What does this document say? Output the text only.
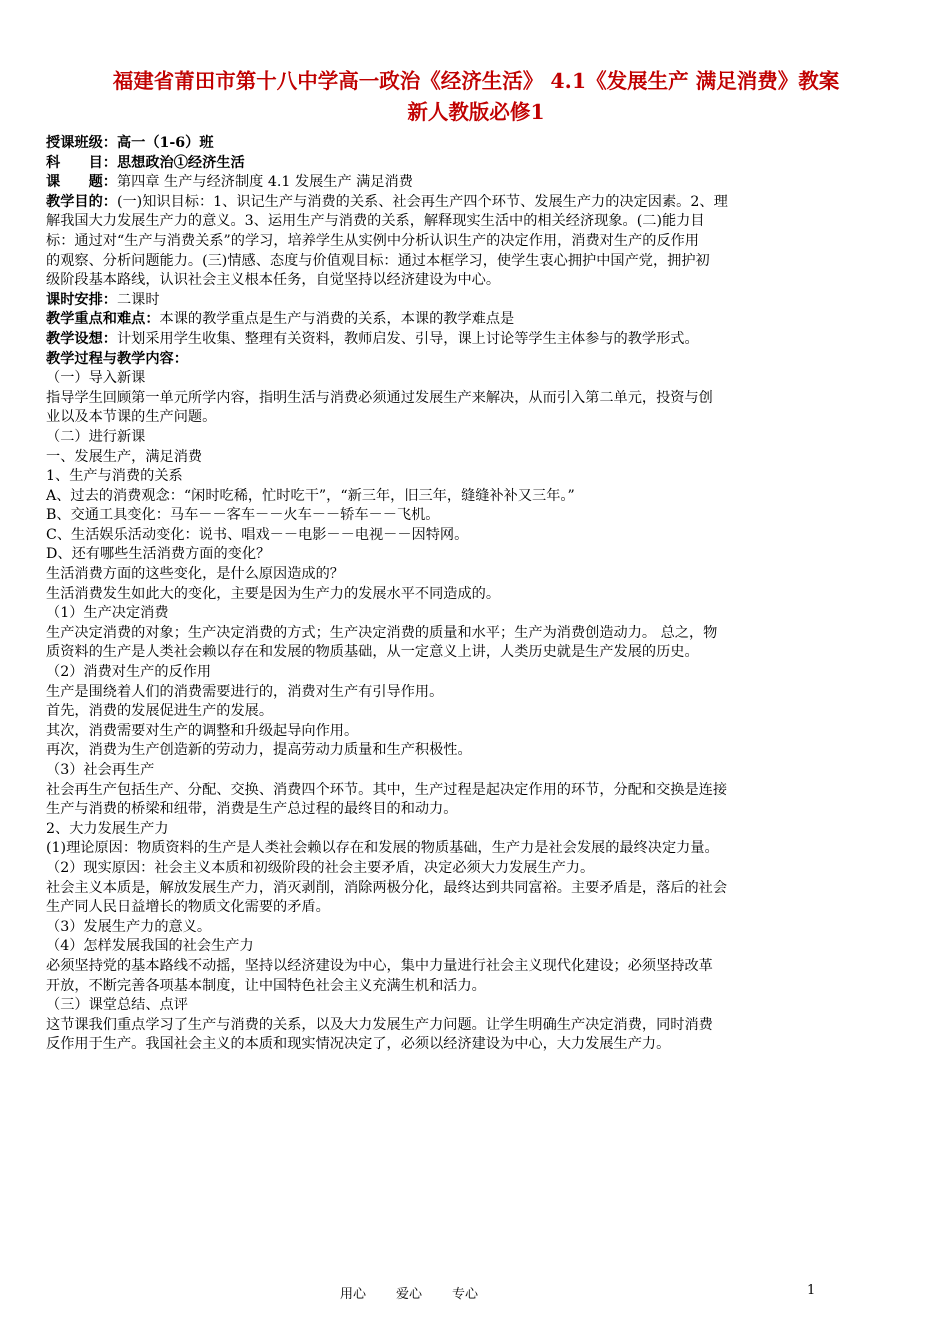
福建省莆田市第十八中学高一政治《经济生活》 4.1《发展生产 满足消费》教案
新人教版必修1
授课班级：高一（1-6）班
科　　目：思想政治①经济生活
课　　题：第四章 生产与经济制度 4.1 发展生产 满足消费
教学目的：(一)知识目标：1、识记生产与消费的关系、社会再生产四个环节、发展生产力的决定因素。2、理
解我国大力发展生产力的意义。3、运用生产与消费的关系，解释现实生活中的相关经济现象。(二)能力目
标：通过对“生产与消费关系”的学习，培养学生从实例中分析认识生产的决定作用，消费对生产的反作用
的观察、分析问题能力。(三)情感、态度与价值观目标：通过本框学习，使学生衷心拥护中国产党，拥护初
级阶段基本路线，认识社会主义根本任务，自觉坚持以经济建设为中心。
课时安排：二课时
教学重点和难点：本课的教学重点是生产与消费的关系，本课的教学难点是
教学设想：计划采用学生收集、整理有关资料，教师启发、引导，课上讨论等学生主体参与的教学形式。
教学过程与教学内容：
（一）导入新课
指导学生回顾第一单元所学内容，指明生活与消费必须通过发展生产来解决，从而引入第二单元，投资与创
业以及本节课的生产问题。
（二）进行新课
一、发展生产，满足消费
1、生产与消费的关系
A、过去的消费观念：“闲时吃稀，忙时吃干”，“新三年，旧三年，缝缝补补又三年。”
B、交通工具变化：马车－－客车－－火车－－轿车－－飞机。
C、生活娱乐活动变化：说书、唱戏－－电影－－电视－－因特网。
D、还有哪些生活消费方面的变化？
生活消费方面的这些变化，是什么原因造成的？
生活消费发生如此大的变化，主要是因为生产力的发展水平不同造成的。
（1）生产决定消费
生产决定消费的对象；生产决定消费的方式；生产决定消费的质量和水平；生产为消费创造动力。 总之，物
质资料的生产是人类社会赖以存在和发展的物质基础，从一定意义上讲，人类历史就是生产发展的历史。
（2）消费对生产的反作用
生产是围绕着人们的消费需要进行的，消费对生产有引导作用。
首先，消费的发展促进生产的发展。
其次，消费需要对生产的调整和升级起导向作用。
再次，消费为生产创造新的劳动力，提高劳动力质量和生产积极性。
（3）社会再生产
社会再生产包括生产、分配、交换、消费四个环节。其中，生产过程是起决定作用的环节，分配和交换是连接
生产与消费的桥梁和纽带，消费是生产总过程的最终目的和动力。
2、大力发展生产力
(1)理论原因：物质资料的生产是人类社会赖以存在和发展的物质基础，生产力是社会发展的最终决定力量。
（2）现实原因：社会主义本质和初级阶段的社会主要矛盾，决定必须大力发展生产力。
社会主义本质是，解放发展生产力，消灭剥削，消除两极分化，最终达到共同富裕。主要矛盾是，落后的社会
生产同人民日益增长的物质文化需要的矛盾。
（3）发展生产力的意义。
（4）怎样发展我国的社会生产力
必须坚持党的基本路线不动摇，坚持以经济建设为中心，集中力量进行社会主义现代化建设；必须坚持改革
开放，不断完善各项基本制度，让中国特色社会主义充满生机和活力。
（三）课堂总结、点评
这节课我们重点学习了生产与消费的关系，以及大力发展生产力问题。让学生明确生产决定消费，同时消费
反作用于生产。我国社会主义的本质和现实情况决定了，必须以经济建设为中心，大力发展生产力。
用心 爱心 专心	1
